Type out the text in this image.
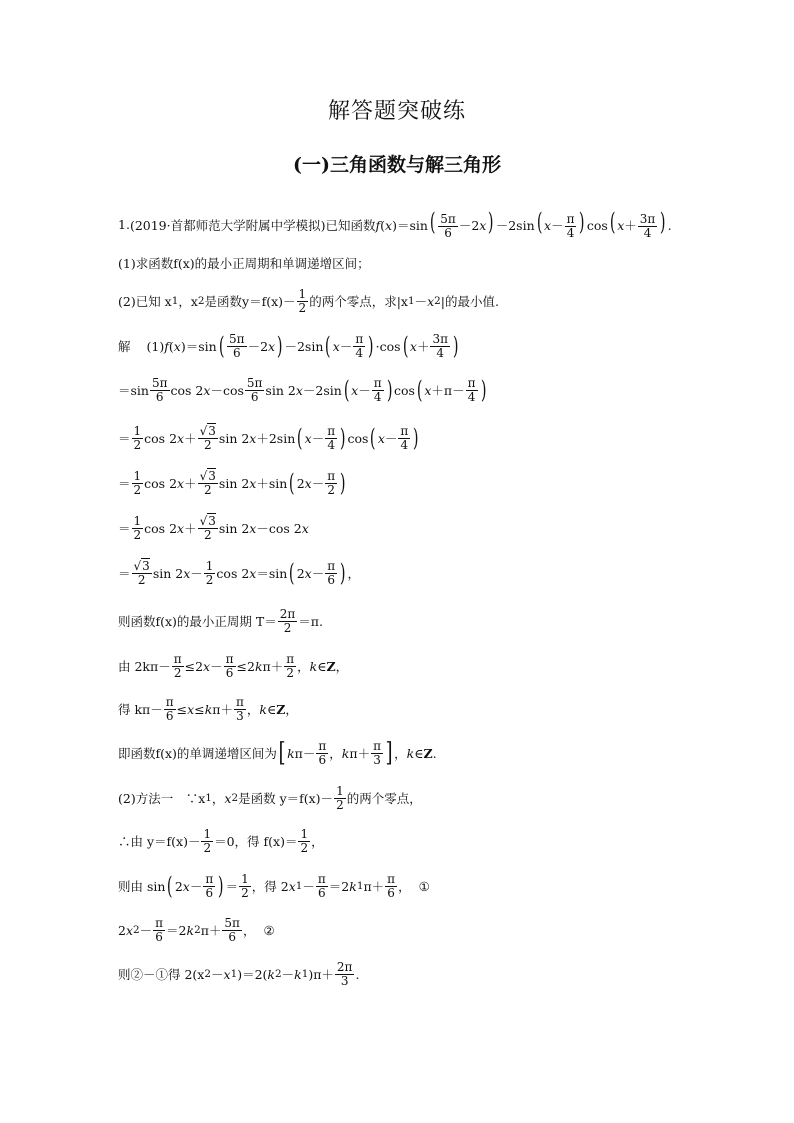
解答题突破练
(一)三角函数与解三角形
1. (2019·首都师范大学附属中学模拟)已知函数 $f(x)=\sin( \frac{5\pi}{6} -2x) -2\sin$( $x- \frac{\pi}{4}$ ) cos( $x+ \frac{3\pi}{4}$ ) .
(1)求函数f(x)的最小正周期和单调递增区间；
(2)已知 x 1 ，x 2 是函数$y=f(x)- \frac{1}{2}$ 的两个零点，求|x 1 － x 2 | 的最小值.
解 (1) f ( x )＝sin ( $\frac{5\pi}{6} -2$ x ) －2sin ( $x - \frac{\pi}{4}$ ) ·cos ( $x + \frac{3\pi}{4}$ )
$=\sin \frac{5\pi}{6}$ cos 2 $x -\cos \frac{5\pi}{6}$ sin 2 x －2sin ( $x - \frac{\pi}{4}$ ) cos ( $x +\pi- \frac{\pi}{4}$ )
＝ $\frac{1}{2}$ cos 2 $x + \frac{√3}{2}$ sin 2 x ＋2sin ( $x - \frac{\pi}{4}$ ) cos ( $x - \frac{\pi}{4}$ )
＝ $\frac{1}{2}$ cos 2 $x + \frac{√3}{2}$ sin 2 x ＋sin ( 2 $x - \frac{\pi}{2}$ )
＝ $\frac{1}{2}$ cos 2 $x + \frac{√3}{2}$ sin 2 x －cos 2 x
＝ $\frac{√3}{2}$ sin 2 $x - \frac{1}{2}$ cos 2 x ＝sin ( 2 $x - \frac{\pi}{6}$ ) ，
则函数f(x)的最小正周期 $T= \frac{2\pi}{2} =\pi$.
由 $2k\pi- \frac{\pi}{2} \le 2$ $x - \frac{\pi}{6} \le 2$ k $\pi+ \frac{\pi}{2}$ ， k ∈ Z ，
得 $k\pi- \frac{\pi}{6} \le x \le k$ $\pi+ \frac{\pi}{3}$ ， k ∈ Z ，
即函数f(x)的单调递增区间为 [ k $\pi- \frac{\pi}{6}$ ， k $\pi+ \frac{\pi}{3}$ ] ， k ∈ Z .
(2)方法一　∵x 1 ， x 2 是函数 $y=f(x)- \frac{1}{2}$ 的两个零点，
∴由 $y=f(x)- \frac{1}{2} =0$，得 $f(x)= \frac{1}{2}$ ，
则由 sin ( 2 $x - \frac{\pi}{6}$ ) ＝ $\frac{1}{2}$ ，得 2 x $1 - \frac{\pi}{6} =2$ k 1 $\pi+ \frac{\pi}{6}$ ， ①
2 x $2 - \frac{\pi}{6} =2$ k 2 $\pi+ \frac{5\pi}{6}$ ， ②
则②－①得 2(x 2 － x 1 )＝2( k 2 － k 1 )$\pi+ \frac{2\pi}{3}$ .
